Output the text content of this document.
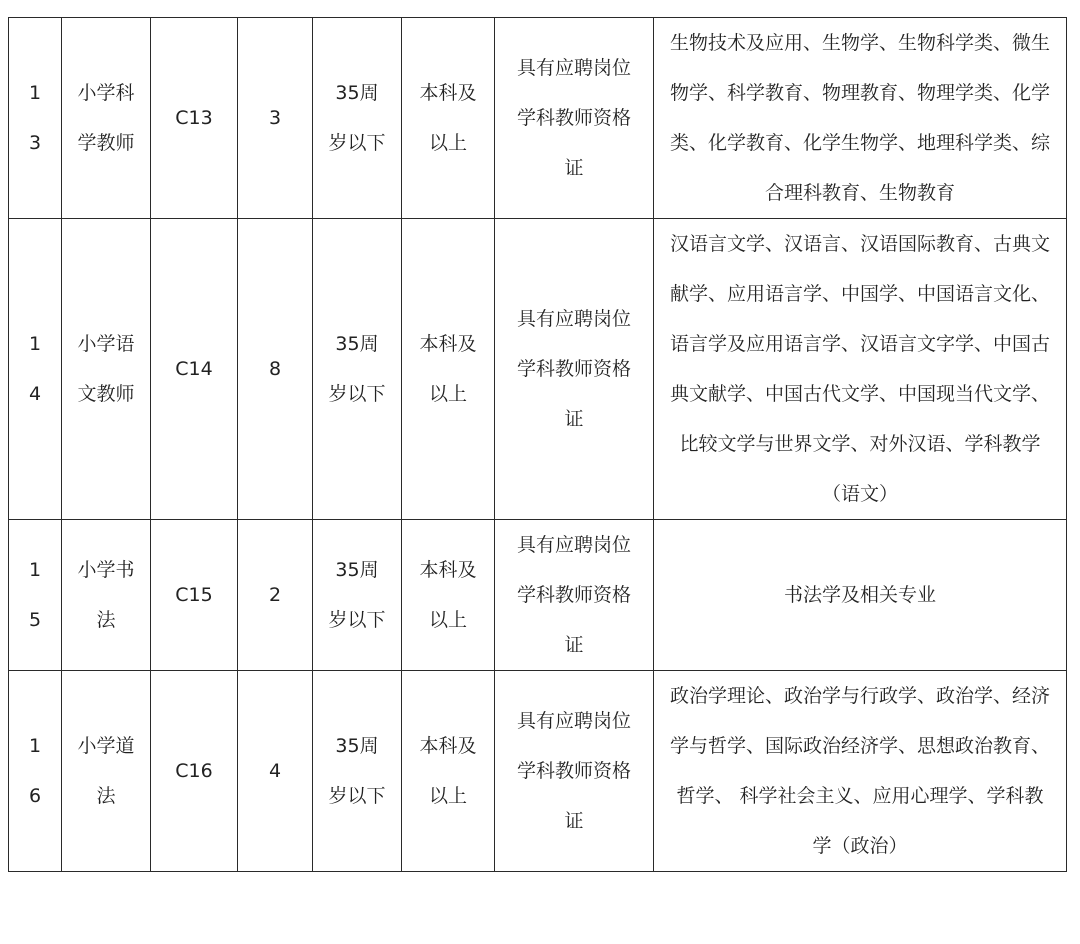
13	小学科学教师	C13	3	35周岁以下	本科及以上	具有应聘岗位学科教师资格证	生物技术及应用、生物学、生物科学类、微生物学、科学教育、物理教育、物理学类、化学类、化学教育、化学生物学、地理科学类、综合理科教育、生物教育

14	小学语文教师	C14	8	35周岁以下	本科及以上	具有应聘岗位学科教师资格证	汉语言文学、汉语言、汉语国际教育、古典文献学、应用语言学、中国学、中国语言文化、语言学及应用语言学、汉语言文字学、中国古典文献学、中国古代文学、中国现当代文学、比较文学与世界文学、对外汉语、学科教学（语文）

15	小学书法	C15	2	35周岁以下	本科及以上	具有应聘岗位学科教师资格证	书法学及相关专业

16	小学道法	C16	4	35周岁以下	本科及以上	具有应聘岗位学科教师资格证	政治学理论、政治学与行政学、政治学、经济学与哲学、国际政治经济学、思想政治教育、哲学、 科学社会主义、应用心理学、学科教学（政治）
